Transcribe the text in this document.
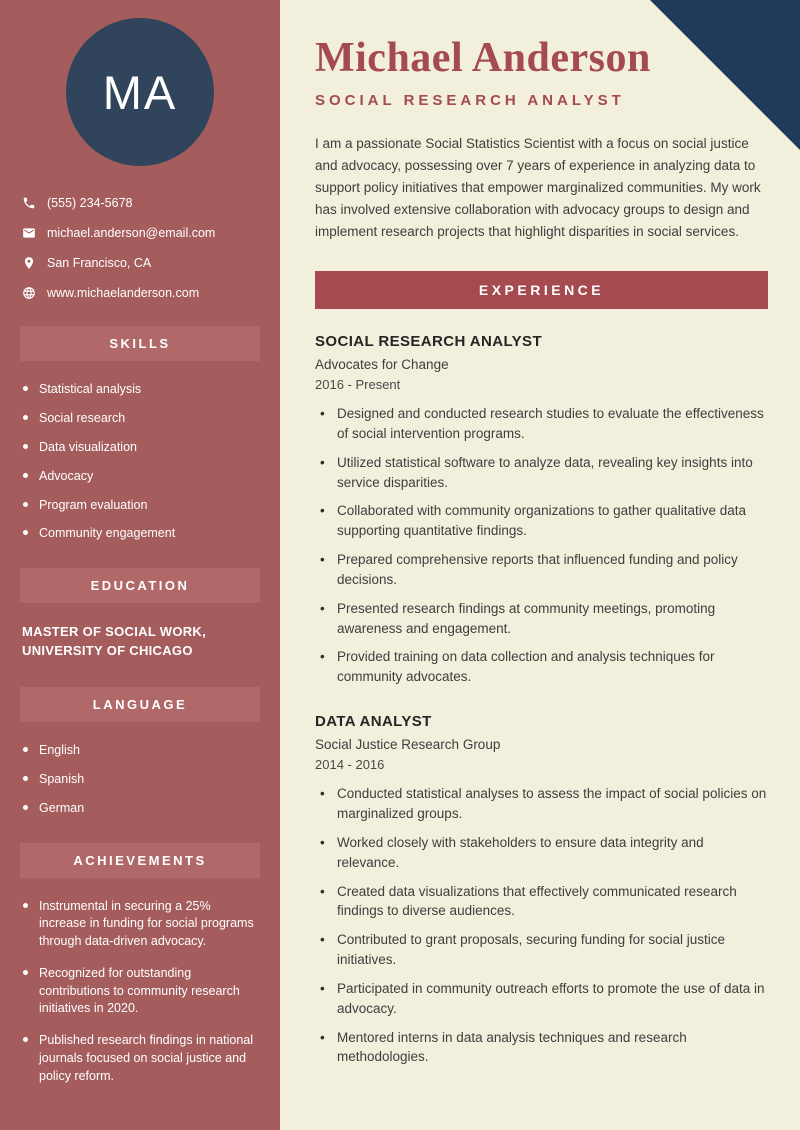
MA
(555) 234-5678
michael.anderson@email.com
San Francisco, CA
www.michaelanderson.com
SKILLS
Statistical analysis
Social research
Data visualization
Advocacy
Program evaluation
Community engagement
EDUCATION
MASTER OF SOCIAL WORK, UNIVERSITY OF CHICAGO
LANGUAGE
English
Spanish
German
ACHIEVEMENTS
Instrumental in securing a 25% increase in funding for social programs through data-driven advocacy.
Recognized for outstanding contributions to community research initiatives in 2020.
Published research findings in national journals focused on social justice and policy reform.
Michael Anderson
SOCIAL RESEARCH ANALYST

I am a passionate Social Statistics Scientist with a focus on social justice and advocacy, possessing over 7 years of experience in analyzing data to support policy initiatives that empower marginalized communities. My work has involved extensive collaboration with advocacy groups to design and implement research projects that highlight disparities in social services.

EXPERIENCE
SOCIAL RESEARCH ANALYST
Advocates for Change
2016 - Present
• Designed and conducted research studies to evaluate the effectiveness of social intervention programs.
• Utilized statistical software to analyze data, revealing key insights into service disparities.
• Collaborated with community organizations to gather qualitative data supporting quantitative findings.
• Prepared comprehensive reports that influenced funding and policy decisions.
• Presented research findings at community meetings, promoting awareness and engagement.
• Provided training on data collection and analysis techniques for community advocates.
DATA ANALYST
Social Justice Research Group
2014 - 2016
• Conducted statistical analyses to assess the impact of social policies on marginalized groups.
• Worked closely with stakeholders to ensure data integrity and relevance.
• Created data visualizations that effectively communicated research findings to diverse audiences.
• Contributed to grant proposals, securing funding for social justice initiatives.
• Participated in community outreach efforts to promote the use of data in advocacy.
• Mentored interns in data analysis techniques and research methodologies.
